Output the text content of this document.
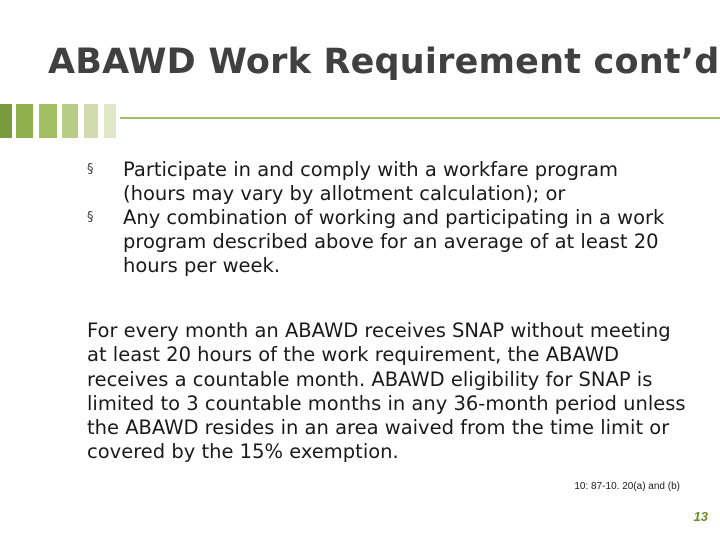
ABAWD Work Requirement cont’d
§ Participate in and comply with a workfare program (hours may vary by allotment calculation); or
§ Any combination of working and participating in a work program described above for an average of at least 20 hours per week.

For every month an ABAWD receives SNAP without meeting at least 20 hours of the work requirement, the ABAWD receives a countable month. ABAWD eligibility for SNAP is limited to 3 countable months in any 36-month period unless the ABAWD resides in an area waived from the time limit or covered by the 15% exemption.

10: 87-10. 20(a) and (b)
13
